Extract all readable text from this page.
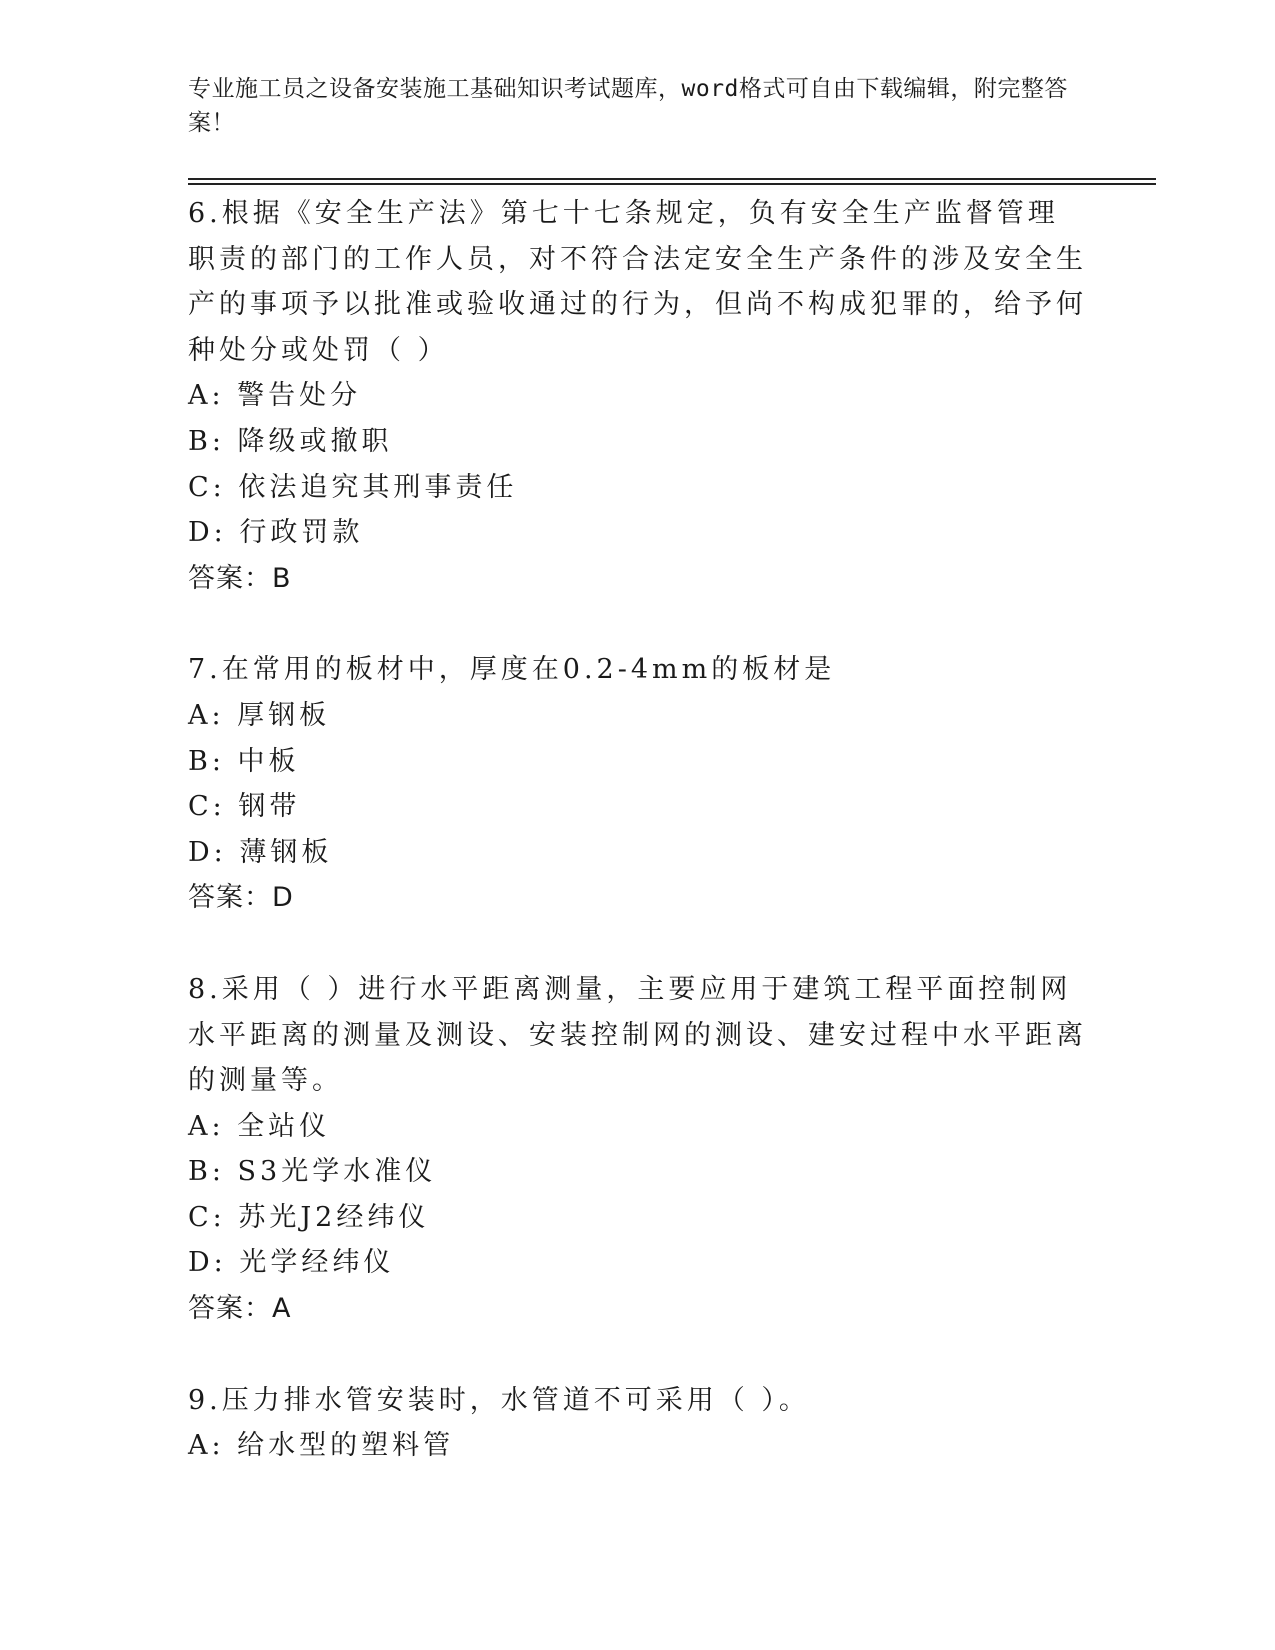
专业施工员之设备安装施工基础知识考试题库，word格式可自由下载编辑，附完整答案！
6.根据《安全生产法》第七十七条规定，负有安全生产监督管理职责的部门的工作人员，对不符合法定安全生产条件的涉及安全生产的事项予以批准或验收通过的行为，但尚不构成犯罪的，给予何种处分或处罚（ ）
A: 警告处分
B: 降级或撤职
C: 依法追究其刑事责任
D: 行政罚款
答案：B
7.在常用的板材中，厚度在0.2-4mm的板材是
A: 厚钢板
B: 中板
C: 钢带
D: 薄钢板
答案：D
8.采用（ ）进行水平距离测量，主要应用于建筑工程平面控制网水平距离的测量及测设、安装控制网的测设、建安过程中水平距离的测量等。
A: 全站仪
B: S3光学水准仪
C: 苏光J2经纬仪
D: 光学经纬仪
答案：A
9.压力排水管安装时，水管道不可采用（ ）。
A: 给水型的塑料管
